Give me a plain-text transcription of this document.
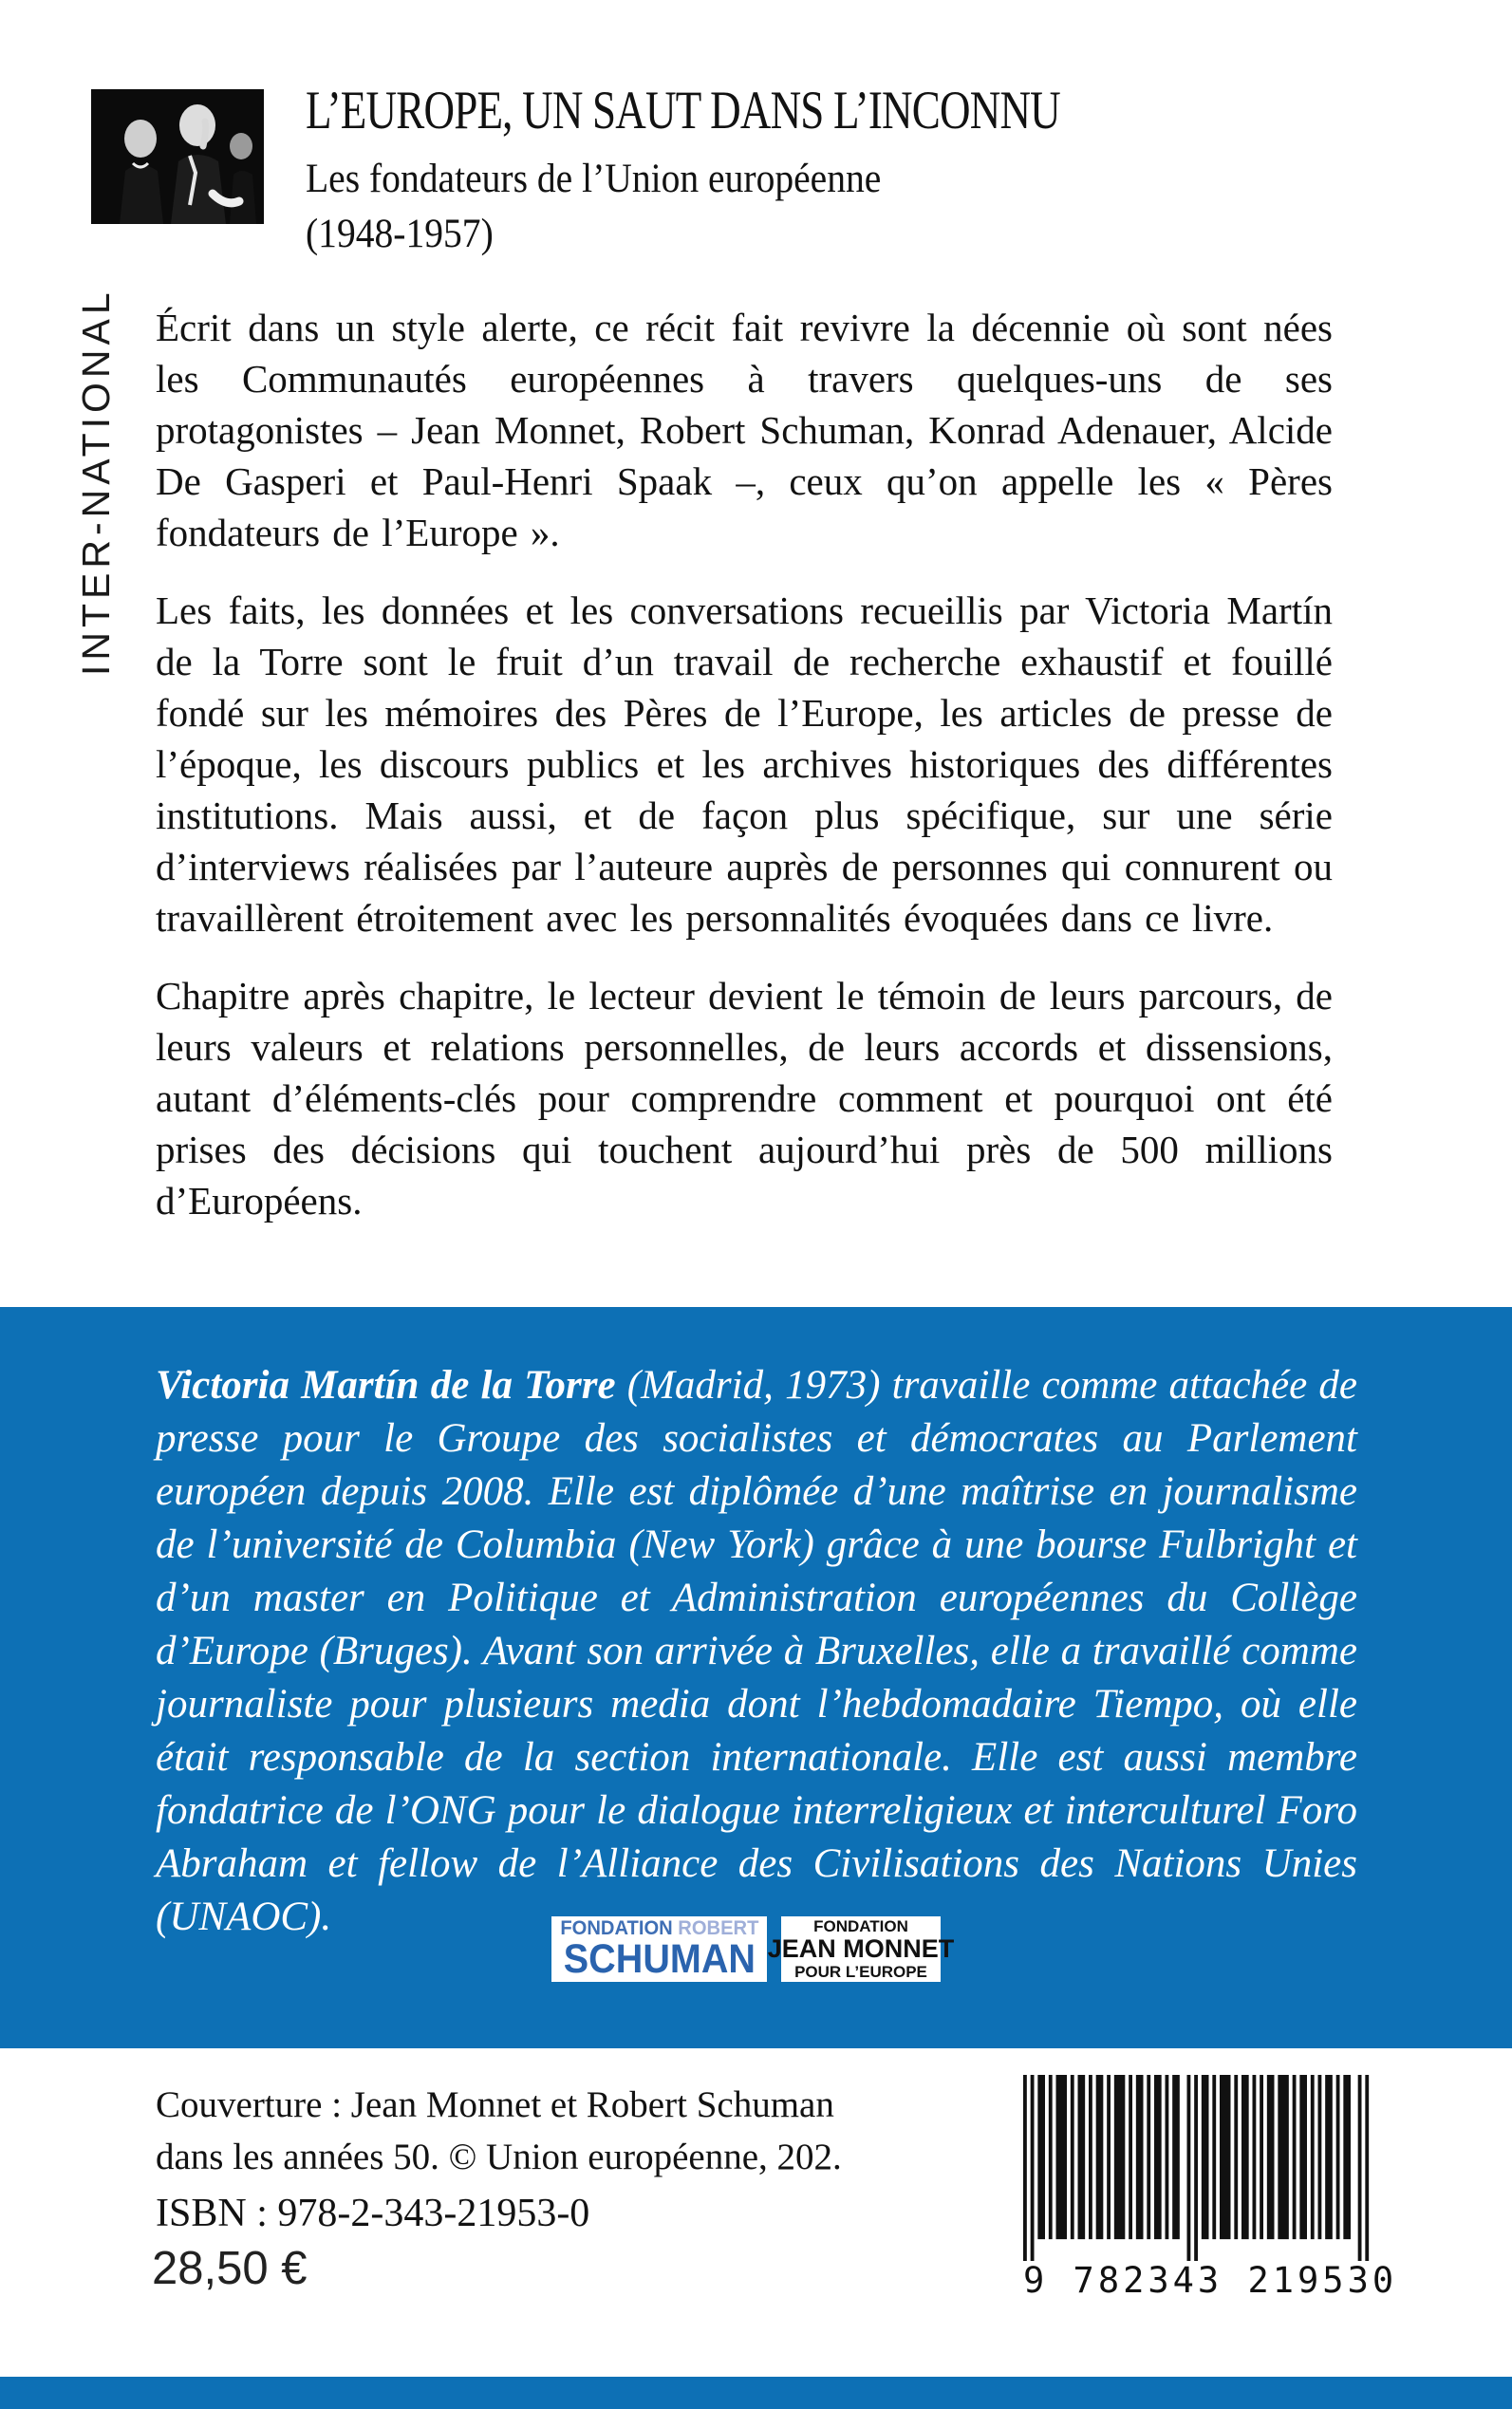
L’EUROPE, UN SAUT DANS L’INCONNU
Les fondateurs de l’Union européenne
(1948-1957)
INTER-NATIONAL Écrit dans un style alerte, ce récit fait revivre la décennie où sont nées les Communautés européennes à travers quelques-uns de ses protagonistes – Jean Monnet, Robert Schuman, Konrad Adenauer, Alcide De Gasperi et Paul-Henri Spaak –, ceux qu’on appelle les « Pères fondateurs de l’Europe ».

Les faits, les données et les conversations recueillis par Victoria Martín de la Torre sont le fruit d’un travail de recherche exhaustif et fouillé fondé sur les mémoires des Pères de l’Europe, les articles de presse de l’époque, les discours publics et les archives historiques des différentes institutions. Mais aussi, et de façon plus spécifique, sur une série d’interviews réalisées par l’auteure auprès de personnes qui connurent ou travaillèrent étroitement avec les personnalités évoquées dans ce livre.

Chapitre après chapitre, le lecteur devient le témoin de leurs parcours, de leurs valeurs et relations personnelles, de leurs accords et dissensions, autant d’éléments-clés pour comprendre comment et pourquoi ont été prises des décisions qui touchent aujourd’hui près de 500 millions d’Européens.

Victoria Martín de la Torre (Madrid, 1973) travaille comme attachée de presse pour le Groupe des socialistes et démocrates au Parlement européen depuis 2008. Elle est diplômée d’une maîtrise en journalisme de l’université de Columbia (New York) grâce à une bourse Fulbright et d’un master en Politique et Administration européennes du Collège d’Europe (Bruges). Avant son arrivée à Bruxelles, elle a travaillé comme journaliste pour plusieurs media dont l’hebdomadaire Tiempo, où elle était responsable de la section internationale. Elle est aussi membre fondatrice de l’ONG pour le dialogue interreligieux et interculturel Foro Abraham et fellow de l’Alliance des Civilisations des Nations Unies (UNAOC).	FONDATION ROBERT
SCHUMAN
FONDATION
JEAN MONNET
POUR L’EUROPE
Couverture : Jean Monnet et Robert Schuman
dans les années 50. © Union européenne, 202.
ISBN : 978-2-343-21953-0
28,50 €	9 782343 219530
